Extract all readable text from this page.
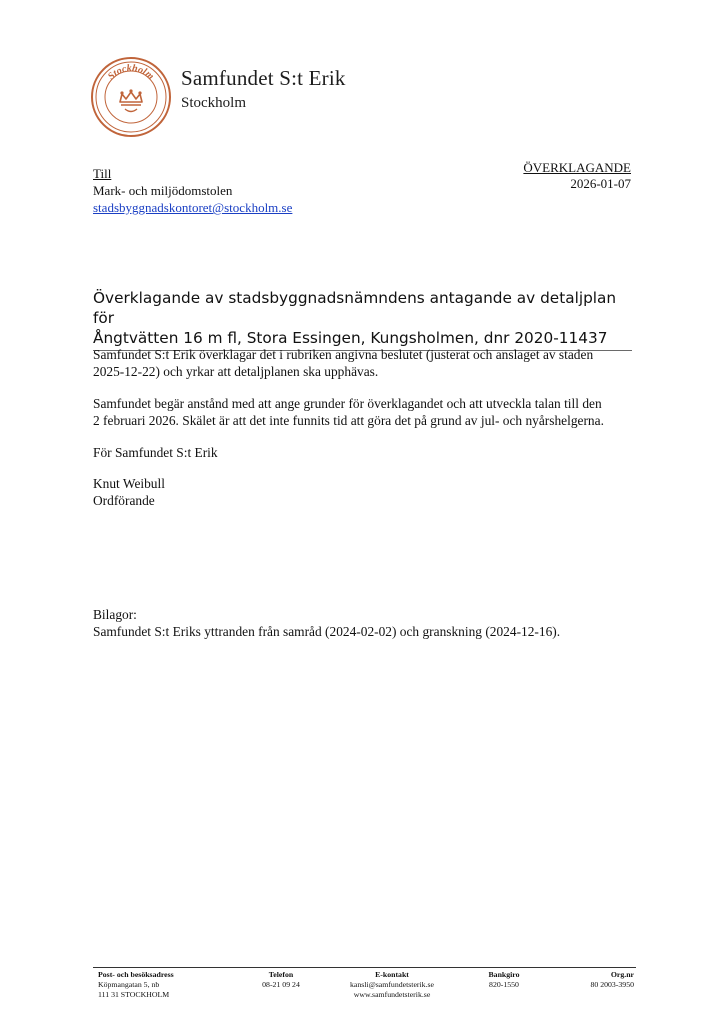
Stockholm Samfundet S:t Erik
Stockholm
Till
Mark- och miljödomstolen
stadsbyggnadskontoret@stockholm.se
ÖVERKLAGANDE
2026-01-07
Överklagande av stadsbyggnadsnämndens antagande av detaljplan för
Ångtvätten 16 m fl, Stora Essingen, Kungsholmen, dnr 2020-11437
Samfundet S:t Erik överklagar det i rubriken angivna beslutet (justerat och anslaget av staden
2025-12-22) och yrkar att detaljplanen ska upphävas.
Samfundet begär anstånd med att ange grunder för överklagandet och att utveckla talan till den
2 februari 2026. Skälet är att det inte funnits tid att göra det på grund av jul- och nyårshelgerna.
För Samfundet S:t Erik
Knut Weibull
Ordförande
Bilagor:
Samfundet S:t Eriks yttranden från samråd (2024-02-02) och granskning (2024-12-16).
Post- och besöksadress
Köpmangatan 5, nb
111 31 STOCKHOLM
Telefon
08-21 09 24
E-kontakt
kansli@samfundetsterik.se
www.samfundetsterik.se
Bankgiro
820-1550
Org.nr
80 2003-3950
